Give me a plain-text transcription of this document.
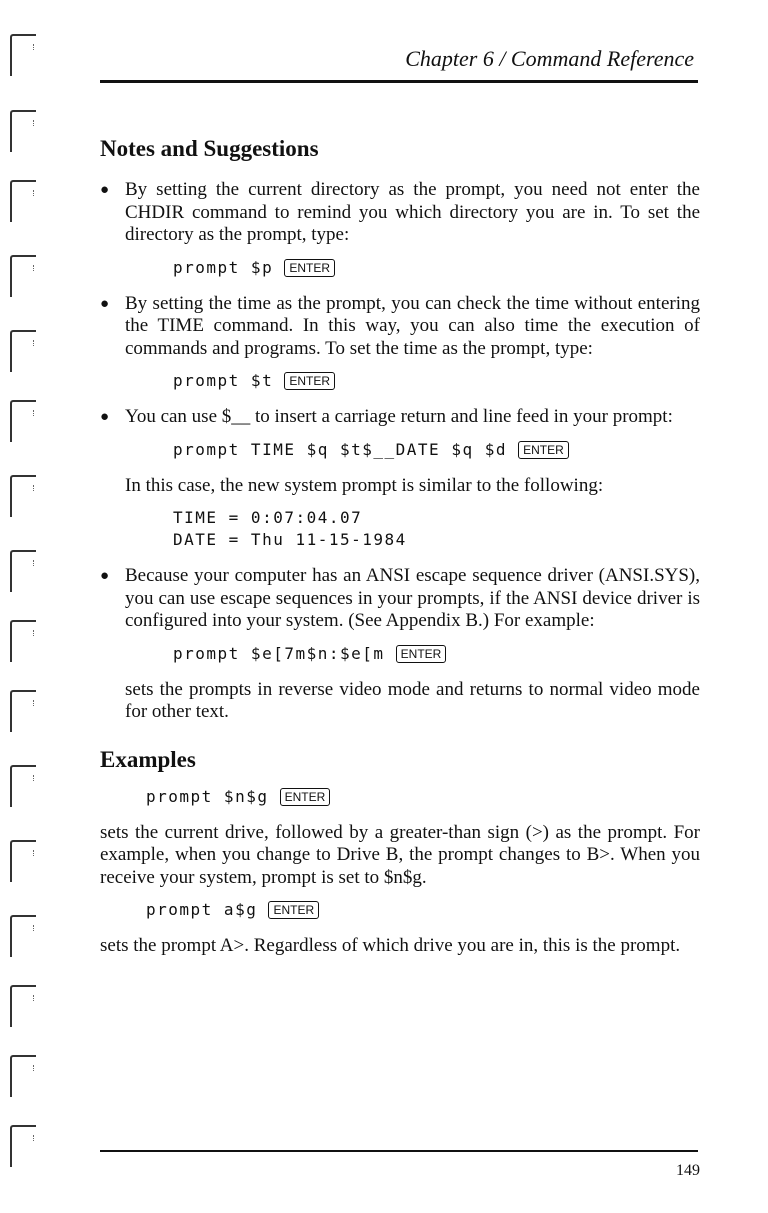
Chapter 6 / Command Reference
Notes and Suggestions
● By setting the current directory as the prompt, you need not enter the CHDIR command to remind you which directory you are in. To set the directory as the prompt, type:
prompt $p ENTER
● By setting the time as the prompt, you can check the time without entering the TIME command. In this way, you can also time the execution of commands and programs. To set the time as the prompt, type:
prompt $t ENTER
● You can use $__ to insert a carriage return and line feed in your prompt:
prompt TIME $q $t$__DATE $q $d ENTER

In this case, the new system prompt is similar to the following:

TIME = 0:07:04.07
DATE = Thu 11-15-1984
● Because your computer has an ANSI escape sequence driver (ANSI.SYS), you can use escape sequences in your prompts, if the ANSI device driver is configured into your system. (See Appendix B.) For example:
prompt $e[7m$n:$e[m ENTER

sets the prompts in reverse video mode and returns to normal video mode for other text.

Examples
prompt $n$g ENTER

sets the current drive, followed by a greater-than sign (>) as the prompt. For example, when you change to Drive B, the prompt changes to B>. When you receive your system, prompt is set to $n$g.

prompt a$g ENTER

sets the prompt A>. Regardless of which drive you are in, this is the prompt.

149
